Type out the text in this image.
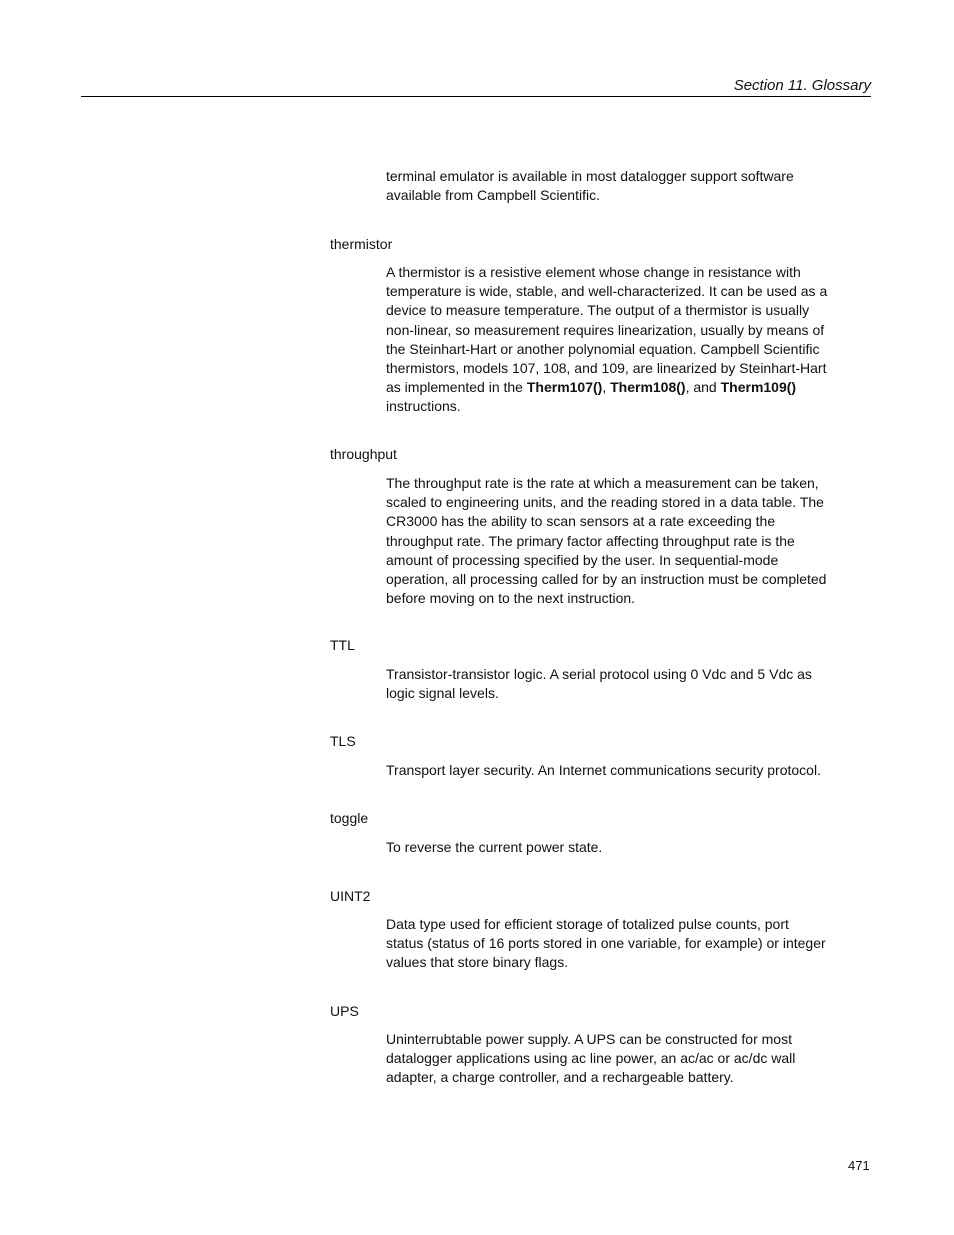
Section 11. Glossary
terminal emulator is available in most datalogger support software
available from Campbell Scientific.
thermistor
A thermistor is a resistive element whose change in resistance with
temperature is wide, stable, and well-characterized. It can be used as a
device to measure temperature. The output of a thermistor is usually
non-linear, so measurement requires linearization, usually by means of
the Steinhart-Hart or another polynomial equation. Campbell Scientific
thermistors, models 107, 108, and 109, are linearized by Steinhart-Hart
as implemented in the Therm107(), Therm108(), and Therm109()
instructions.
throughput
The throughput rate is the rate at which a measurement can be taken,
scaled to engineering units, and the reading stored in a data table. The
CR3000 has the ability to scan sensors at a rate exceeding the
throughput rate. The primary factor affecting throughput rate is the
amount of processing specified by the user. In sequential-mode
operation, all processing called for by an instruction must be completed
before moving on to the next instruction.
TTL
Transistor-transistor logic. A serial protocol using 0 Vdc and 5 Vdc as
logic signal levels.
TLS
Transport layer security. An Internet communications security protocol.
toggle
To reverse the current power state.
UINT2
Data type used for efficient storage of totalized pulse counts, port
status (status of 16 ports stored in one variable, for example) or integer
values that store binary flags.
UPS
Uninterrubtable power supply. A UPS can be constructed for most
datalogger applications using ac line power, an ac/ac or ac/dc wall
adapter, a charge controller, and a rechargeable battery.
471
